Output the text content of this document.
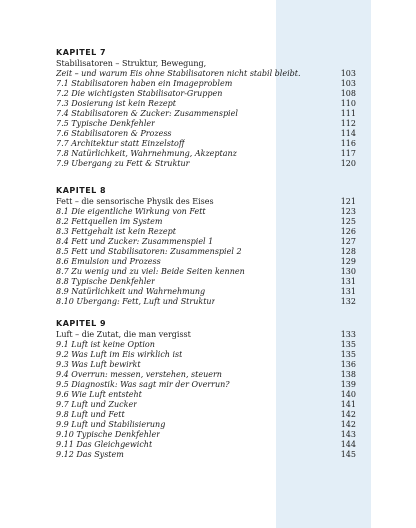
KAPITEL 7
Stabilisatoren – Struktur, Bewegung,
Zeit – und warum Eis ohne Stabilisatoren nicht stabil bleibt.	103
7.1 Stabilisatoren haben ein Imageproblem	103
7.2 Die wichtigsten Stabilisator-Gruppen	108
7.3 Dosierung ist kein Rezept	110
7.4 Stabilisatoren & Zucker: Zusammenspiel	111
7.5 Typische Denkfehler	112
7.6 Stabilisatoren & Prozess	114
7.7 Architektur statt Einzelstoff	116
7.8 Natürlichkeit, Wahrnehmung, Akzeptanz	117
7.9 Übergang zu Fett & Struktur	120
KAPITEL 8
Fett – die sensorische Physik des Eises	121
8.1 Die eigentliche Wirkung von Fett	123
8.2 Fettquellen im System	125
8.3 Fettgehalt ist kein Rezept	126
8.4 Fett und Zucker: Zusammenspiel 1	127
8.5 Fett und Stabilisatoren: Zusammenspiel 2	128
8.6 Emulsion und Prozess	129
8.7 Zu wenig und zu viel: Beide Seiten kennen	130
8.8 Typische Denkfehler	131
8.9 Natürlichkeit und Wahrnehmung	131
8.10 Übergang: Fett, Luft und Struktur	132
KAPITEL 9
Luft – die Zutat, die man vergisst	133
9.1 Luft ist keine Option	135
9.2 Was Luft im Eis wirklich ist	135
9.3 Was Luft bewirkt	136
9.4 Overrun: messen, verstehen, steuern	138
9.5 Diagnostik: Was sagt mir der Overrun?	139
9.6 Wie Luft entsteht	140
9.7 Luft und Zucker	141
9.8 Luft und Fett	142
9.9 Luft und Stabilisierung	142
9.10 Typische Denkfehler	143
9.11 Das Gleichgewicht	144
9.12 Das System	145
